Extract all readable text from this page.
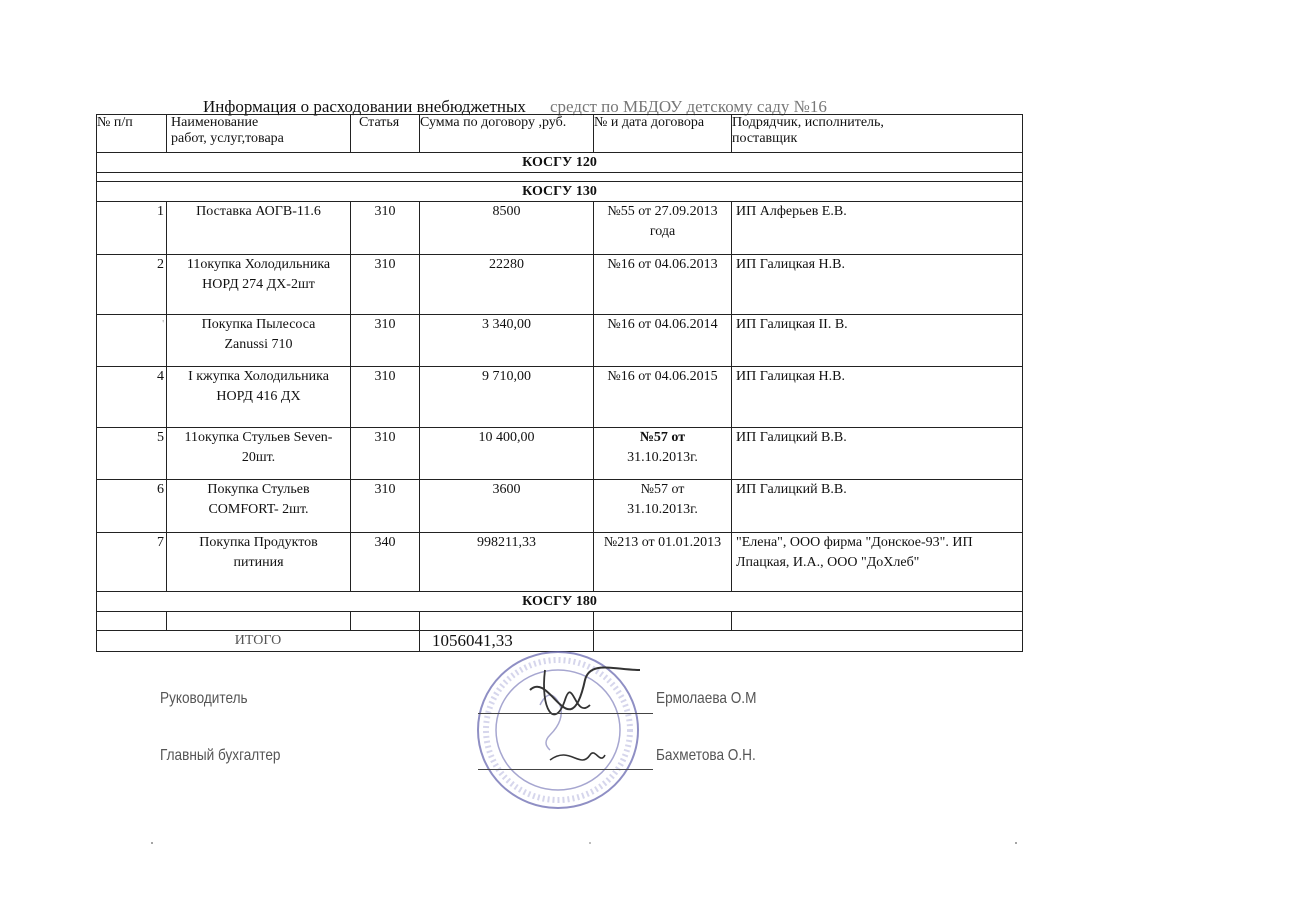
Информация о расходовании внебюджетных средст по МБДОУ детскому саду №16
№ п/п	Наименование
работ, услуг,товара	Статья	Сумма по договору ,руб.	№ и дата договора	Подрядчик, исполнитель,
поставщик
КОСГУ 120					

КОСГУ 130					
1	Поставка АОГВ-11.6	310	8500	№55 от 27.09.2013
года	ИП Алферьев Е.В.

2	11окупка Холодильника
НОРД 274 ДХ-2шт	310	22280	№16 от 04.06.2013	ИП Галицкая Н.В.

'	Покупка Пылесоса
Zanussi 710	310	3 340,00	№16 от 04.06.2014	ИП Галицкая II. В.

4	I кжупка Холодильника
НОРД 416 ДХ	310	9 710,00	№16 от 04.06.2015	ИП Галицкая Н.В.

5	11окупка Стульев Seven-
20шт.	310	10 400,00	№57 от
31.10.2013г.	ИП Галицкий В.В.

6	Покупка Стульев
COMFORT- 2шт.	310	3600	№57 от
31.10.2013г.	ИП Галицкий В.В.

7	Покупка Продуктов
питиния	340	998211,33	№213 от 01.01.2013	"Елена", ООО фирма "Донское-93". ИП
Лпацкая, И.А., ООО "ДоХлеб"
КОСГУ 180					

ИТОГО			1056041,33		
Руководитель	Ермолаева О.М
Главный бухгалтер	Бахметова О.Н.
